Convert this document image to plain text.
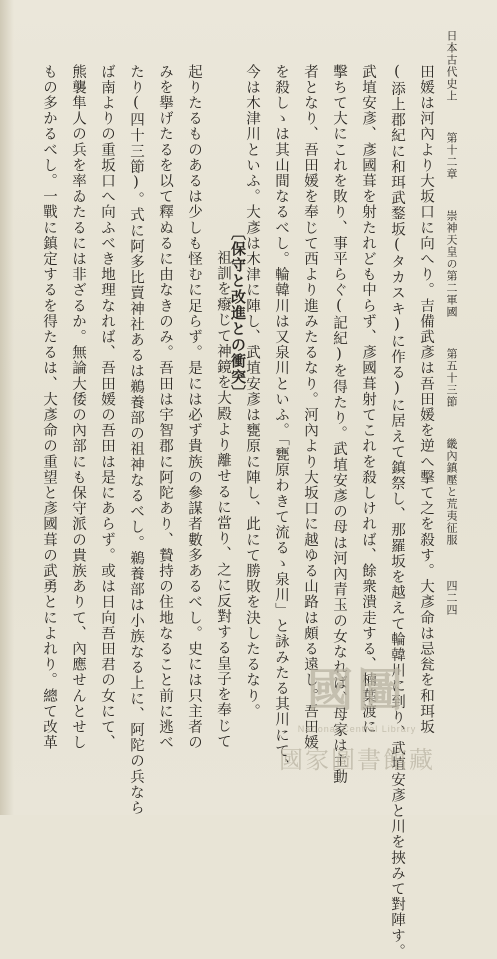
日本古代史上 第十二章 崇神天皇の第二軍國 第五十三節 畿內鎮壓と荒夷征服 四二四
田媛は河內より大坂口に向へり。吉備武彥は吾田媛を逆へ擊て之を殺す。大彥命は忌瓮を和珥坂
(添上郡紀に和珥武鍪坂(タカスキ)に作る)に居えて鎮祭し、那羅坂を越えて輪韓川に到り、武埴安彥と川を挾みて對陣す。
武埴安彥、彥國葺を射たれども中らず、彥國葺射てこれを殺しければ、餘衆潰走する、楠葉渡に
擊ちて大にこれを敗り、事平らぐ(記紀)を得たり。武埴安彥の母は河內青玉の女なれば、母家は主動
者となり、吾田媛を奉じて西より進みたるなり。河內より大坂口に越ゆる山路は頗る遠し。吾田媛
を殺しゝは其山間なるべし。輪韓川は又泉川といふ。「甕原わきて流るゝ泉川」と詠みたる其川にて、
今は木津川といふ。大彥は木津に陣し、武埴安彥は甕原に陣し、此にて勝敗を決したるなり。
〔保守と改進との衝突〕
祖訓を癈じて神鏡を大殿より離せるに當り、之に反對する皇子を奉じて
起りたるものあるは少しも怪むに足らず。是には必ず貴族の參謀者數多あるべし。史には只主者の
みを擧げたるを以て釋ぬるに由なきのみ。吾田は宇智郡に阿陀あり、贄持の住地なること前に逃べ
たり(四十三節)。式に阿多比賣神社あるは鵜養部の祖神なるべし。鵜養部は小族なる上に、阿陀の兵なら
ば南よりの重坂口へ向ふべき地理なれば、吾田媛の吾田は是にあらず。或は日向吾田君の女にて、
熊襲隼人の兵を率ゐたるには非ざるか。無論大倭の內部にも保守派の貴族ありて、內應せんとせし
もの多かるべし。一戰に鎮定するを得たるは、大彥命の重望と彥國葺の武勇とによれり。總て改革	國圖
National Central Library
國家圖書館藏
